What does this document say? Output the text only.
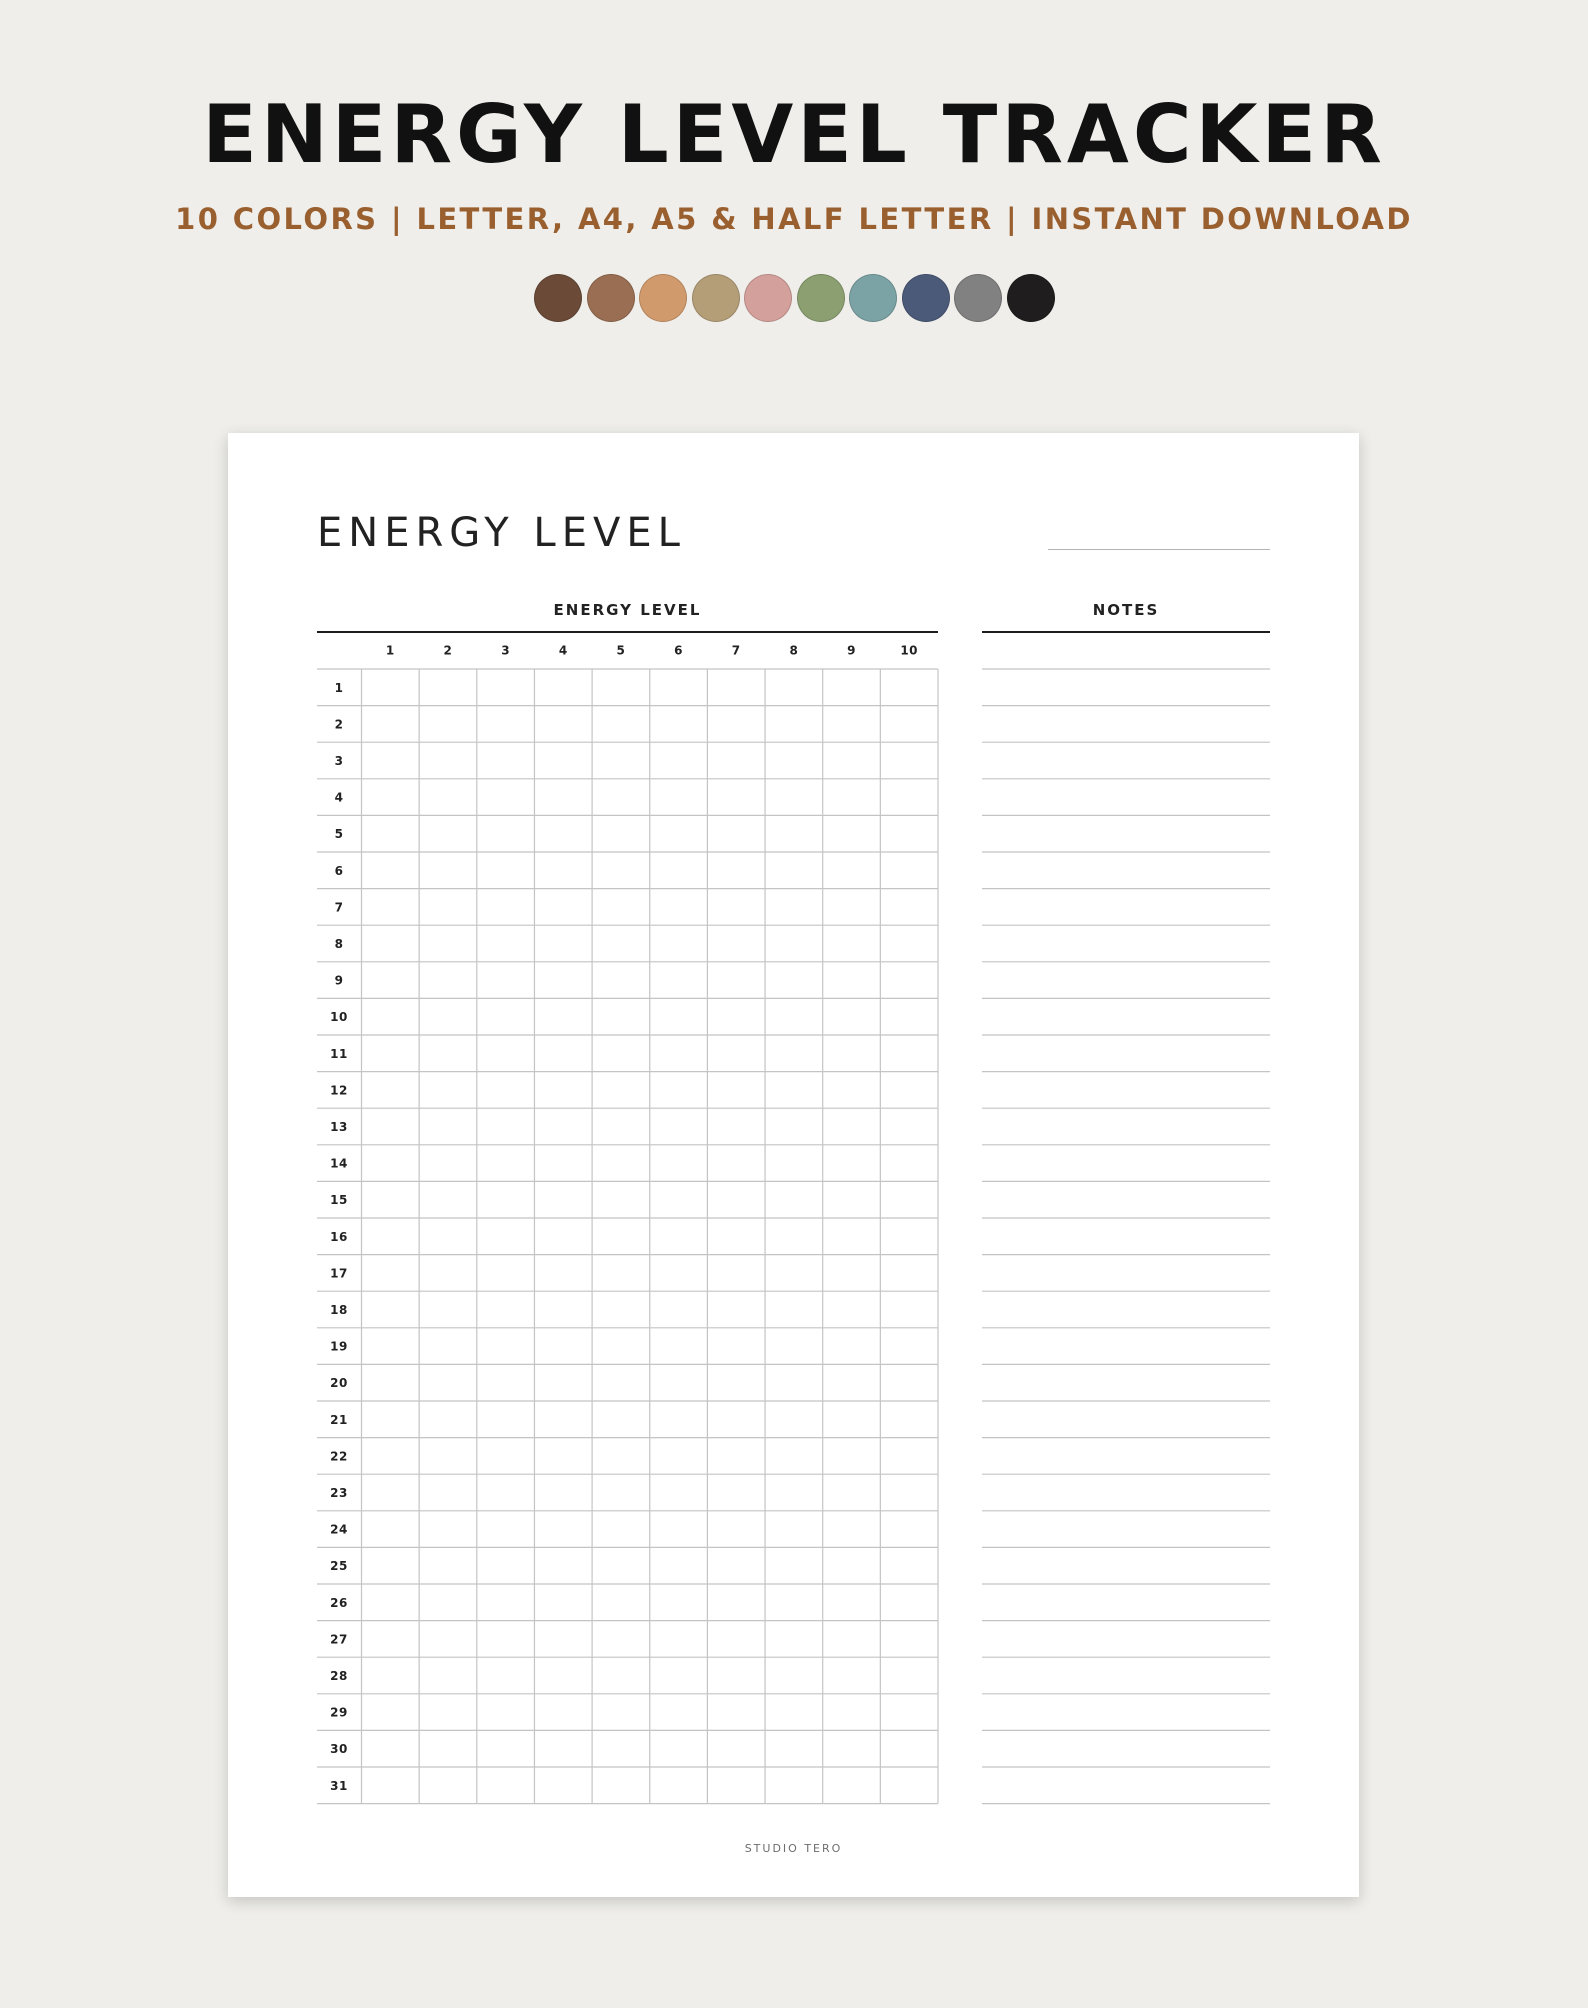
ENERGY LEVEL TRACKER
10 COLORS | LETTER, A4, A5 & HALF LETTER | INSTANT DOWNLOAD
ENERGY LEVEL
ENERGY LEVEL	NOTES
1	2	3	4	5	6	7	8	9	10
1
2
3
4
5
6
7
8
9
10
11
12
13
14
15
16
17
18
19
20
21
22
23
24
25
26
27
28
29
30
31
STUDIO TERO
